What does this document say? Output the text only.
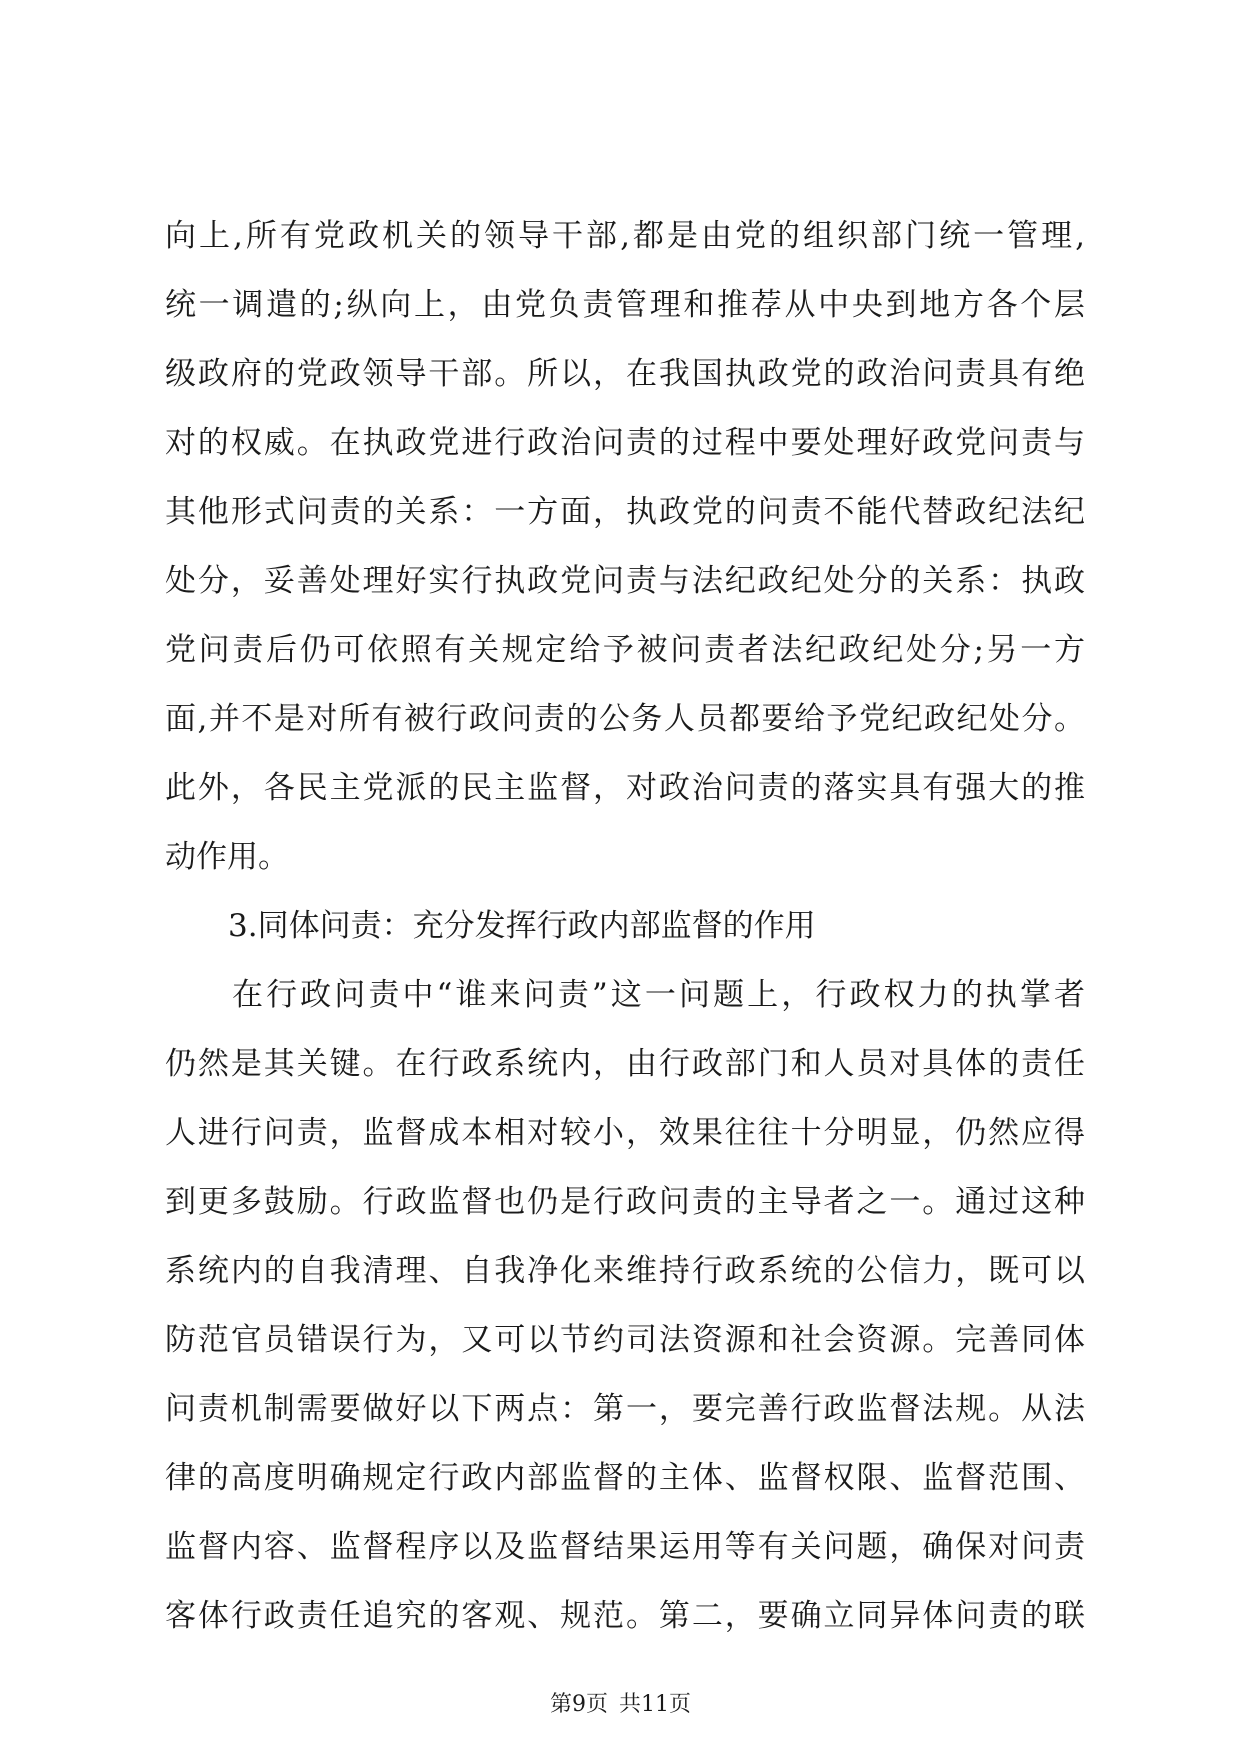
向上,所有党政机关的领导干部,都是由党的组织部门统一管理,
统一调遣的;纵向上，由党负责管理和推荐从中央到地方各个层
级政府的党政领导干部。所以，在我国执政党的政治问责具有绝
对的权威。在执政党进行政治问责的过程中要处理好政党问责与
其他形式问责的关系：一方面，执政党的问责不能代替政纪法纪
处分，妥善处理好实行执政党问责与法纪政纪处分的关系：执政
党问责后仍可依照有关规定给予被问责者法纪政纪处分;另一方
面,并不是对所有被行政问责的公务人员都要给予党纪政纪处分。
此外，各民主党派的民主监督，对政治问责的落实具有强大的推
动作用。
3.同体问责：充分发挥行政内部监督的作用
在行政问责中“谁来问责”这一问题上，行政权力的执掌者
仍然是其关键。在行政系统内，由行政部门和人员对具体的责任
人进行问责，监督成本相对较小，效果往往十分明显，仍然应得
到更多鼓励。行政监督也仍是行政问责的主导者之一。通过这种
系统内的自我清理、自我净化来维持行政系统的公信力，既可以
防范官员错误行为，又可以节约司法资源和社会资源。完善同体
问责机制需要做好以下两点：第一，要完善行政监督法规。从法
律的高度明确规定行政内部监督的主体、监督权限、监督范围、
监督内容、监督程序以及监督结果运用等有关问题，确保对问责
客体行政责任追究的客观、规范。第二，要确立同异体问责的联
第9页 共11页
